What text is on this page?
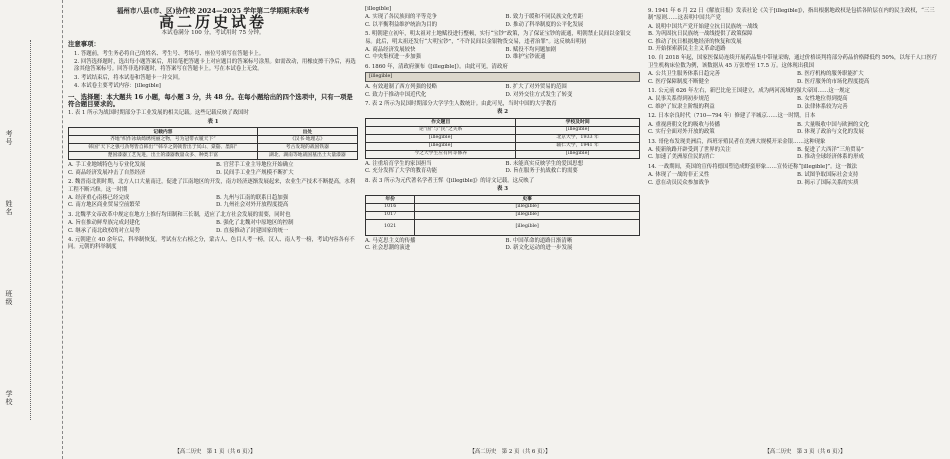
考号
姓名
班级
学校
福州市八县(市、区)协作校 2024—2025 学年第二学期期末联考
高二历史试卷
本试卷满分 100 分，考试用时 75 分钟。
注意事项：

1. 答题前，考生务必将自己的姓名、考生号、考场号、座位号填写在答题卡上。

2. 回答选择题时，选出每小题答案后，用铅笔把答题卡上对应题目的答案标号涂黑。如需改动，用橡皮擦干净后，再选涂其他答案标号。回答非选择题时，将答案写在答题卡上。写在本试卷上无效。

3. 考试结束后，将本试卷和答题卡一并交回。

4. 本试卷主要考试内容：[illegible]

一、选择题：本大题共 16 小题，每小题 3 分，共 48 分。在每小题给出的四个选项中，只有一项是符合题目要求的。

1. 表 1 所示为战国时期部分手工业发展的相关记载。这些记载反映了战国时

表 1
记载内容	出处
齐地“织作冰纨绮绣纯丽之物，号为冠带衣履天下”	《汉书·地理志》
韩国“天下之强弓劲弩皆自韩出”“韩卒之剑戟皆出于冥山、棠谿、墨阳”	考古发现的战国铁器
楚国漆器工艺先进，出土的漆器数量众多、种类丰富	湖北、湖南等地战国墓出土大量漆器
A. 手工业地域特色与专业化发展	B. 官营手工业主导地位开始确立
C. 商品经济发展冲击了自然经济	D. 民间手工业生产规模不断扩大

2. 魏晋南北朝时期，北方人口大量南迁，促进了江南地区的开发，南方经济逐渐发展起来，农业生产技术不断提高，水利工程不断兴修。这一时期

A. 经济重心南移已经完成	B. 九州与江南的联系日趋加强
C. 南方地区商业贸易空前繁荣	D. 九州社会对外开放程度提高

3. 北魏孝文帝改革中规定在地方上推行均田制和三长制，适应了北方社会发展的需要，同时也

A. 旨在推动鲜卑族完成封建化	B. 强化了北魏对中原地区的控制
C. 继承了南北政权的对立局势	D. 直接推动了封建国家的统一

4. 元朝建立 40 余年后，科举制恢复。考试有左右榜之分，蒙古人、色目人考一榜，汉人、南人考一榜，考试内容各有不同。元朝的科举制度

[illegible]

A. 实现了各民族间的平等竞争	B. 致力于缓和不同民族文化差距
C. 以平衡利益维护统治为目的	D. 推动了科举制度的公平化发展

5. 明朝建立初年，明太祖对土地赋役进行整顿，实行“宝钞”政策，为了保证宝钞的流通，明朝禁止民间以金银交易。此后，明太祖还发行“大明宝钞”，“不许民间以金银物货交易，违者治罪”。这反映出明初

A. 商品经济发展较快	B. 赋役不均问题加剧
C. 中央集权进一步加强	D. 维护宝钞流通

6. 1860 年，清政府颁布《[illegible]》。由此可见，清政府

[illegible]
A. 有效遏制了西方列强的侵略	B. 扩大了对外贸易的范围
C. 致力于推动中国近代化	D. 对外交往方式发生了转变

7. 表 2 所示为民国时期部分大学学生人数统计。由此可见，当时中国的大学教育

表 2
作文题目	学校及时间
论“国”与“民”之关系	[illegible]
[illegible]	北京大学，1933 年
[illegible]	辅仁大学，1941 年
今之大学生应有何等修养	[illegible]
A. 注重培育学生的家国担当	B. 未能真实反映学生的爱国思想
C. 充分发挥了大学的教育功能	D. 旨在服务于抗战救亡的需要

8. 表 3 所示为元代著名学者王恽《[illegible]》的诗文记载。这反映了

表 3
年份	史事
1016	[illegible]
1017	[illegible]
1021	[illegible]
A. 马克思主义的传播	B. 中国革命的道路日渐清晰
C. 社会思潮的演进	D. 新文化运动的进一步发展

9. 1941 年 6 月 22 日《解放日报》发表社论《关于[illegible]》，指出根据地政权是包括各阶层在内的民主政权，“三三制”原则……这表明中国共产党

A. 说明中国共产党开始建立抗日民族统一战线
B. 为巩固抗日民族统一战线提供了政策保障
C. 推动了抗日根据地经济的恢复和发展
D. 开始探索新民主主义革命道路

10. 自 2018 年起，国家医保局连续开展药品集中带量采购，通过价格谈判将部分药品价格降低约 50%，以每千人口医疗卫生机构床位数为例，该数据从 45 万张增至 17.5 万。这体现出我国

A. 公共卫生服务体系日趋完善	B. 医疗机构的服务职能扩大
C. 医疗保障制度不断健全	D. 医疗服务的市场化程度提高

11. 公元前 626 年左右，新巴比伦王国建立，成为两河流域的强大帝国……这一规定

A. 民事关系得到初步规范	B. 女性地位得到提高
C. 维护了奴隶主阶级的利益	D. 法律体系较为完善

12. 日本奈良时代（710—794 年）修建了平城京……这一时期，日本

A. 重视唐朝文化的吸收与传播	B. 大量吸收中国与欧洲的文化
C. 实行全面对外开放的政策	D. 体现了政治与文化的发展

13. 哥伦布发现美洲后，西班牙殖民者在美洲大规模开采金银……这种现象

A. 使新航路开辟受到了世界的关注	B. 促进了大西洋“三角贸易”
C. 加速了美洲原住民的消亡	D. 推动全球经济体系的形成

14. 一战期间，英国的宣传将德国塑造成野蛮形象……宣传还称“[illegible]”。这一做法

A. 体现了一战的非正义性	B. 试图争取国际社会支持
C. 意在动员民众参加战争	D. 揭示了国际关系的实质
【高二历史　第 1 页（共 6 页）】	【高二历史　第 2 页（共 6 页）】	【高二历史　第 3 页（共 6 页）】
